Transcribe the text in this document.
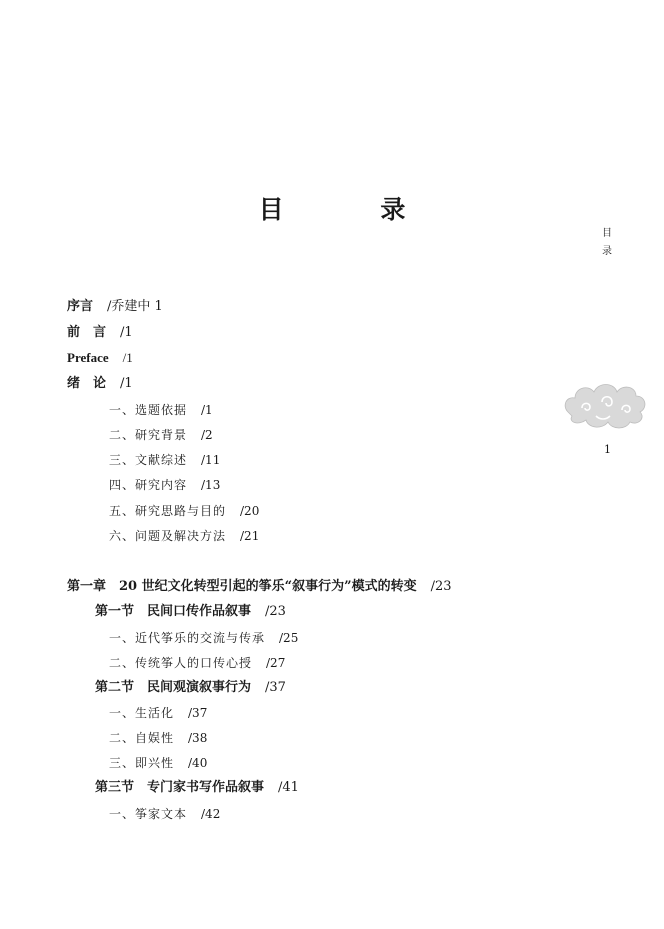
目 录
目
录
1
序言 /乔建中 1
前　言 /1
Preface /1
绪　论 /1
一、选题依据 /1
二、研究背景 /2
三、文献综述 /11
四、研究内容 /13
五、研究思路与目的 /20
六、问题及解决方法 /21
第一章　20 世纪文化转型引起的筝乐“叙事行为”模式的转变 /23
第一节　民间口传作品叙事 /23
一、近代筝乐的交流与传承 /25
二、传统筝人的口传心授 /27
第二节　民间观演叙事行为 /37
一、生活化 /37
二、自娱性 /38
三、即兴性 /40
第三节　专门家书写作品叙事 /41
一、筝家文本 /42
